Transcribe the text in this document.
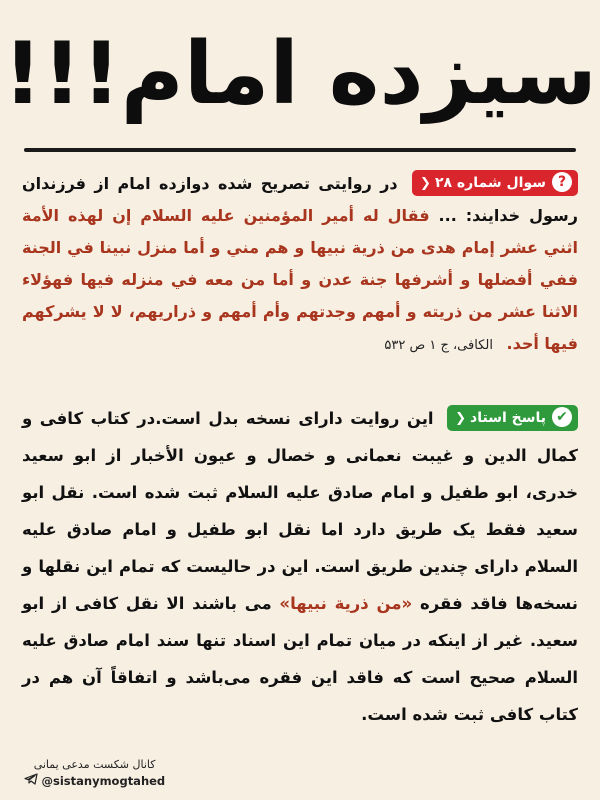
سیزده امام!!!
?سوال شماره ۲۸❮ در روایتی تصریح شده دوازده امام از فرزندان رسول خدایند: ... فقال له أمير المؤمنين عليه السلام إن لهذه الأمة اثني عشر إمام هدى من ذرية نبيها و هم مني و أما منزل نبينا في الجنة ففي أفضلها و أشرفها جنة عدن و أما من معه في منزله فيها فهؤلاء الاثنا عشر من ذريته و أمهم وجدتهم وأم أمهم و ذراريهم، لا لا يشركهم فيها أحد. الکافی، ج ۱ ص ۵۳۲
✔پاسخ استاد❮ این روایت دارای نسخه بدل است.در کتاب کافی و کمال الدین و غیبت نعمانی و خصال و عیون الأخبار از ابو سعید خدری، ابو طفیل و امام صادق علیه السلام ثبت شده است. نقل ابو سعید فقط یک طریق دارد اما نقل ابو طفیل و امام صادق علیه السلام دارای چندین طریق است. این در حالیست که تمام این نقلها و نسخه‌ها فاقد فقره «من ذرية نبيها» می باشند الا نقل کافی از ابو سعید. غیر از اینکه در میان تمام این اسناد تنها سند امام صادق علیه السلام صحیح است که فاقد این فقره می‌باشد و اتفاقاً آن هم در کتاب کافی ثبت شده است.
کانال شکست مدعی یمانی
@sistanymogtahed
